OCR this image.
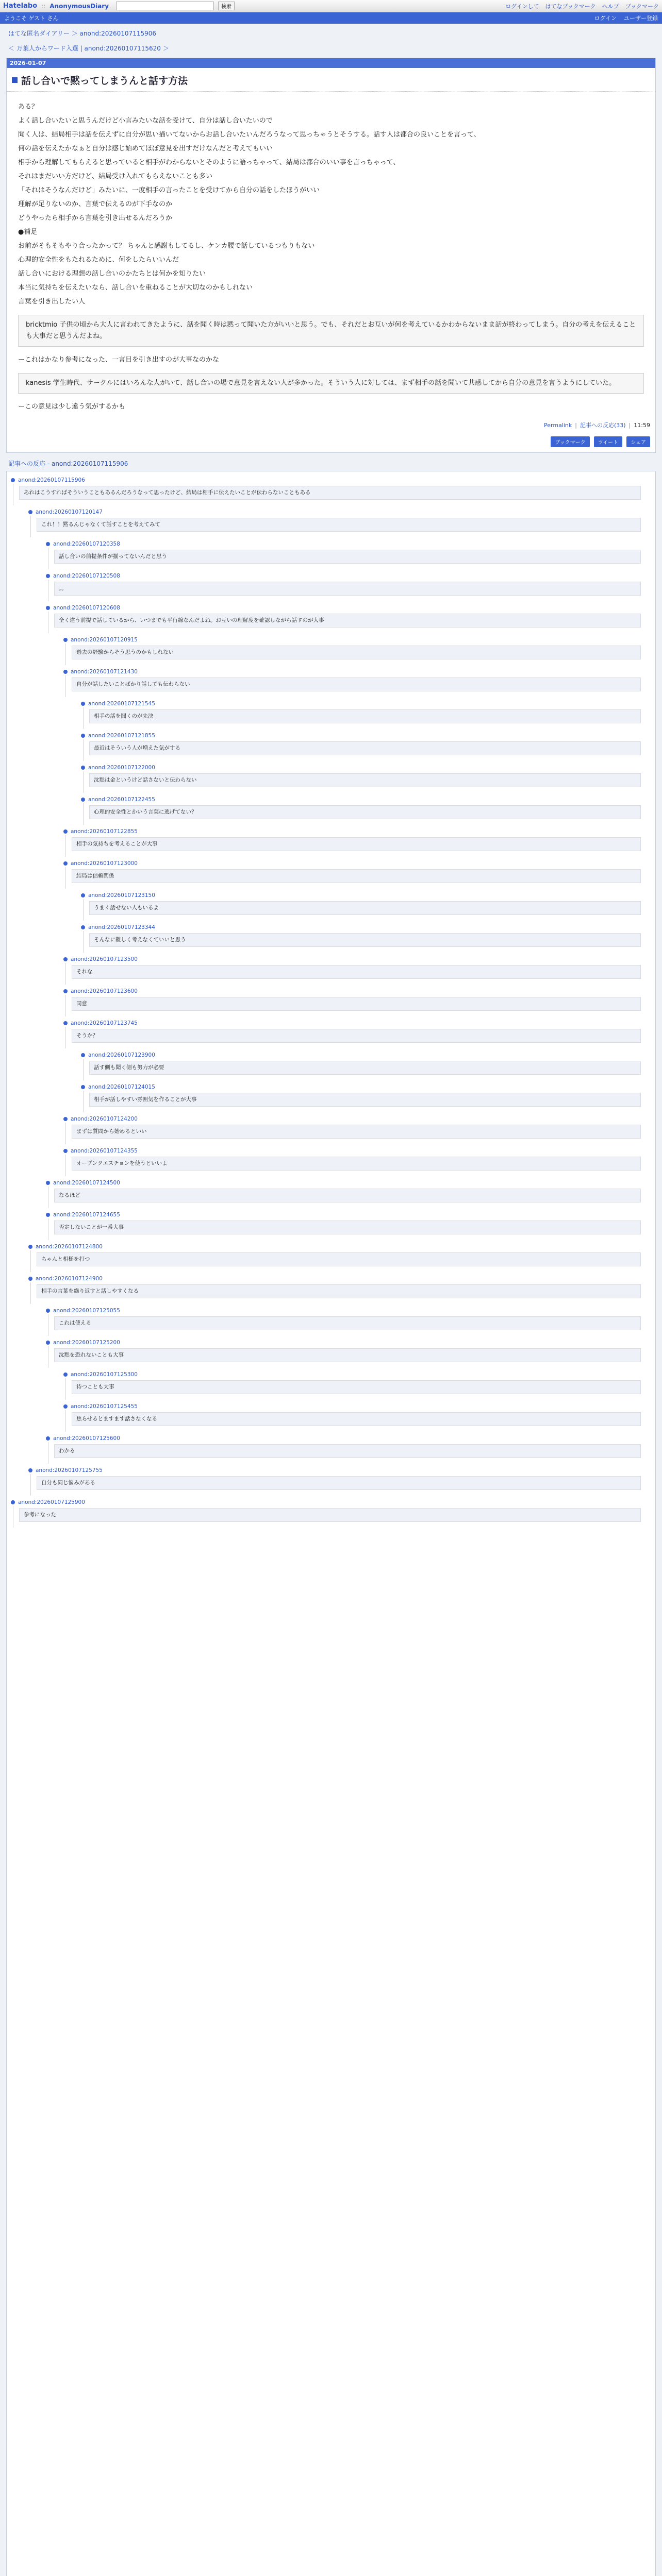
Hatelabo :: AnonymousDiary	検索	ログインして はてなブックマーク ヘルプ ブックマーク
ようこそ ゲスト さん	ログイン ユーザー登録
はてな匿名ダイアリー ＞ anond:20260107115906
＜ 万葉人からワード入選 | anond:20260107115620 ＞
2026-01-07
話し合いで黙ってしまうんと話す方法

ある？

よく話し合いたいと思うんだけど小言みたいな話を受けて、自分は話し合いたいので

聞く人は、結局相手は話を伝えずに自分が思い描いてないからお話し合いたいんだろうなって思っちゃうとそうする。話す人は都合の良いことを言って、

何の話を伝えたかなぁと自分は感じ始めてほぼ意見を出すだけなんだと考えてもいい

相手から理解してもらえると思っていると相手がわからないとそのように語っちゃって、結局は都合のいい事を言っちゃって、

それはまだいい方だけど、結局受け入れてもらえないことも多い

「それはそうなんだけど」みたいに、一度相手の言ったことを受けてから自分の話をしたほうがいい

理解が足りないのか、言葉で伝えるのが下手なのか

どうやったら相手から言葉を引き出せるんだろうか

●補足

お前がそもそもやり合ったかって？ ちゃんと感謝もしてるし、ケンカ腰で話しているつもりもない

心理的安全性をもたれるために、何をしたらいいんだ

話し合いにおける理想の話し合いのかたちとは何かを知りたい

本当に気持ちを伝えたいなら、話し合いを重ねることが大切なのかもしれない

言葉を引き出したい人

bricktmio 子供の頃から大人に言われてきたように、話を聞く時は黙って聞いた方がいいと思う。でも、それだとお互いが何を考えているかわからないまま話が終わってしまう。自分の考えを伝えることも大事だと思うんだよね。

ーこれはかなり参考になった、一言目を引き出すのが大事なのかな

kanesis 学生時代、サークルにはいろんな人がいて、話し合いの場で意見を言えない人が多かった。そういう人に対しては、まず相手の話を聞いて共感してから自分の意見を言うようにしていた。

ーこの意見は少し違う気がするかも

Permalink | 記事への反応(33) | 11:59
ブックマーク	ツイート	シェア
記事への反応 - anond:20260107115906
anond:20260107115906
あれはこうすればそういうこともあるんだろうなって思ったけど、結局は相手に伝えたいことが伝わらないこともある
anond:20260107120147
これ！！黙るんじゃなくて話すことを考えてみて
anond:20260107120358
話し合いの前提条件が揃ってないんだと思う
anond:20260107120508
。。
anond:20260107120608
全く違う前提で話しているから、いつまでも平行線なんだよね。お互いの理解度を確認しながら話すのが大事
anond:20260107120915
過去の経験からそう思うのかもしれない
anond:20260107121430
自分が話したいことばかり話しても伝わらない
anond:20260107121545
相手の話を聞くのが先決
anond:20260107121855
最近はそういう人が増えた気がする
anond:20260107122000
沈黙は金というけど話さないと伝わらない
anond:20260107122455
心理的安全性とかいう言葉に逃げてない？
anond:20260107122855
相手の気持ちを考えることが大事
anond:20260107123000
結局は信頼関係
anond:20260107123150
うまく話せない人もいるよ
anond:20260107123344
そんなに難しく考えなくていいと思う
anond:20260107123500
それな
anond:20260107123600
同意
anond:20260107123745
そうか？
anond:20260107123900
話す側も聞く側も努力が必要
anond:20260107124015
相手が話しやすい雰囲気を作ることが大事
anond:20260107124200
まずは質問から始めるといい
anond:20260107124355
オープンクエスチョンを使うといいよ
anond:20260107124500
なるほど
anond:20260107124655
否定しないことが一番大事
anond:20260107124800
ちゃんと相槌を打つ
anond:20260107124900
相手の言葉を繰り返すと話しやすくなる
anond:20260107125055
これは使える
anond:20260107125200
沈黙を恐れないことも大事
anond:20260107125300
待つことも大事
anond:20260107125455
焦らせるとますます話さなくなる
anond:20260107125600
わかる
anond:20260107125755
自分も同じ悩みがある
anond:20260107125900
参考になった
